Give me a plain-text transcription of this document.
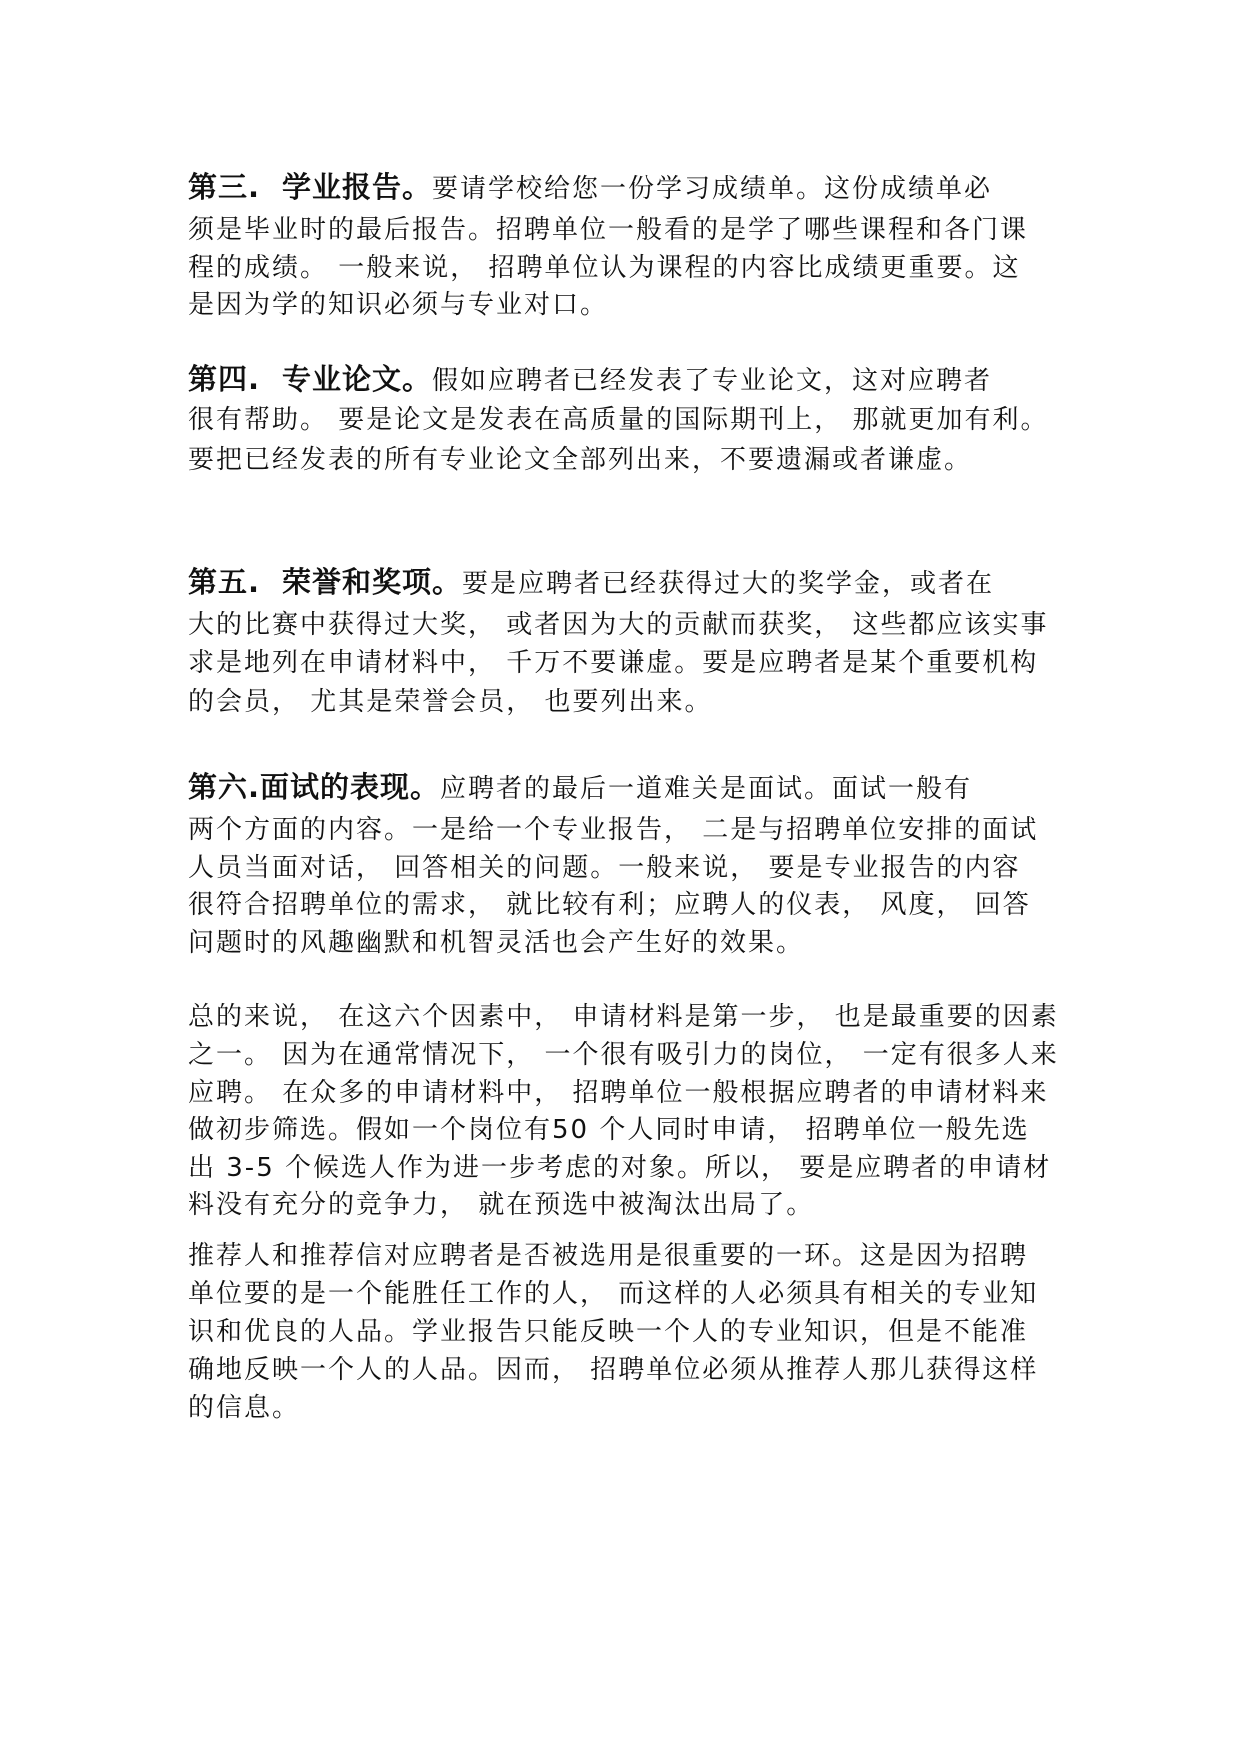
第三. 学业报告。要请学校给您一份学习成绩单。这份成绩单必
须是毕业时的最后报告。招聘单位一般看的是学了哪些课程和各门课
程的成绩。 一般来说， 招聘单位认为课程的内容比成绩更重要。这
是因为学的知识必须与专业对口。
第四. 专业论文。假如应聘者已经发表了专业论文，这对应聘者
很有帮助。 要是论文是发表在高质量的国际期刊上， 那就更加有利。
要把已经发表的所有专业论文全部列出来，不要遗漏或者谦虚。
第五. 荣誉和奖项。要是应聘者已经获得过大的奖学金，或者在
大的比赛中获得过大奖， 或者因为大的贡献而获奖， 这些都应该实事
求是地列在申请材料中， 千万不要谦虚。要是应聘者是某个重要机构
的会员， 尤其是荣誉会员， 也要列出来。
第六.面试的表现。应聘者的最后一道难关是面试。面试一般有
两个方面的内容。一是给一个专业报告， 二是与招聘单位安排的面试
人员当面对话， 回答相关的问题。一般来说， 要是专业报告的内容
很符合招聘单位的需求， 就比较有利；应聘人的仪表， 风度， 回答
问题时的风趣幽默和机智灵活也会产生好的效果。
总的来说， 在这六个因素中， 申请材料是第一步， 也是最重要的因素
之一。 因为在通常情况下， 一个很有吸引力的岗位， 一定有很多人来
应聘。 在众多的申请材料中， 招聘单位一般根据应聘者的申请材料来
做初步筛选。假如一个岗位有50 个人同时申请， 招聘单位一般先选
出 3-5 个候选人作为进一步考虑的对象。所以， 要是应聘者的申请材
料没有充分的竞争力， 就在预选中被淘汰出局了。
推荐人和推荐信对应聘者是否被选用是很重要的一环。这是因为招聘
单位要的是一个能胜任工作的人， 而这样的人必须具有相关的专业知
识和优良的人品。学业报告只能反映一个人的专业知识，但是不能准
确地反映一个人的人品。因而， 招聘单位必须从推荐人那儿获得这样
的信息。
